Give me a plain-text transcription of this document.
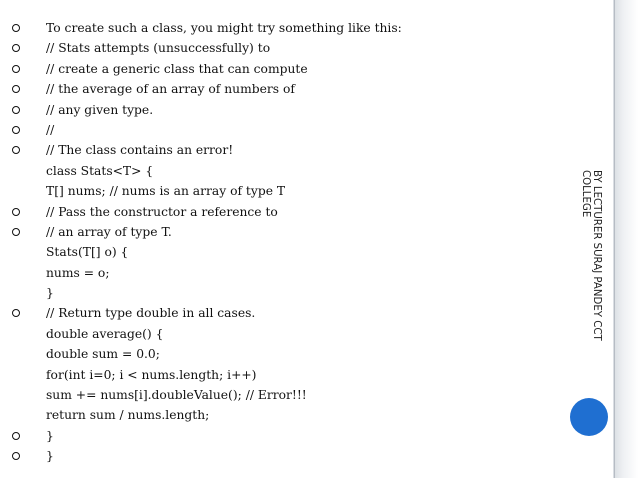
To create such a class, you might try something like this:
// Stats attempts (unsuccessfully) to
// create a generic class that can compute
// the average of an array of numbers of
// any given type.
//
// The class contains an error!
class Stats<T> {
T[] nums; // nums is an array of type T
// Pass the constructor a reference to
// an array of type T.
Stats(T[] o) {
nums = o;
}
// Return type double in all cases.
double average() {
double sum = 0.0;
for(int i=0; i < nums.length; i++)
sum += nums[i].doubleValue(); // Error!!!
return sum / nums.length;
}
}
BY LECTURER SURAJ PANDEY CCT
COLLEGE
